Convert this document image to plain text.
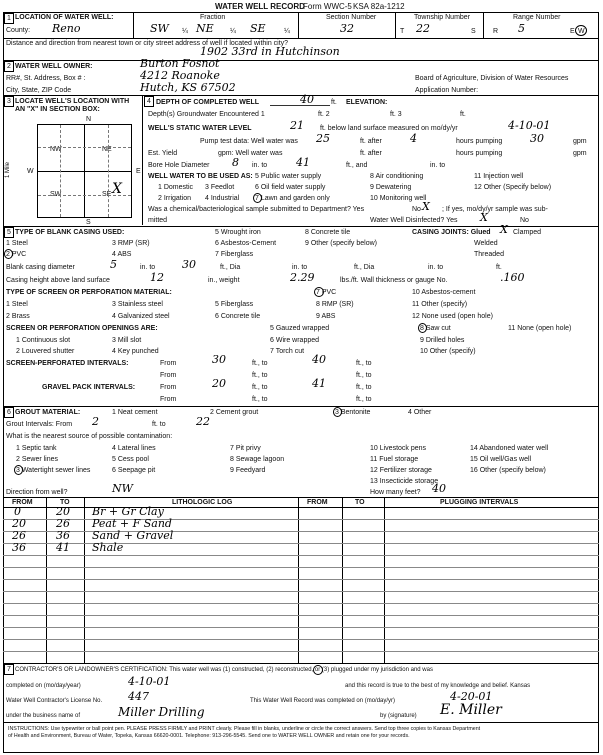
WATER WELL RECORD
Form WWC-5 KSA 82a-1212
1 LOCATION OF WATER WELL:
County: Reno
Fraction
SW ¼ NE ¼ SE	¼
Section Number
32
Township Number
T 22	S
Range Number
R 5	E W
Distance and direction from nearest town or city street address of well if located within city?
1902 33rd in Hutchinson
2 WATER WELL OWNER:	Burton Fosnot
RR#, St. Address, Box # :	4212 Roanoke
City, State, ZIP Code	Hutch, KS 67502
Board of Agriculture, Division of Water Resources
Application Number:
3 LOCATE WELL'S LOCATION WITH
AN "X" IN SECTION BOX:
N
S
W	E
1 Mile
NW	NE
SW	SE X
4 DEPTH OF COMPLETED WELL	40 ft. ELEVATION:
Depth(s) Groundwater Encountered 1	ft. 2	ft. 3	ft.
WELL'S STATIC WATER LEVEL	21 ft. below land surface measured on mo/dy/yr	4-10-01
Pump test data: Well water was 25	ft. after	4	hours pumping	30	gpm
Est. Yield	gpm: Well water was	ft. after	hours pumping	gpm
Bore Hole Diameter 8 in. to	41	ft., and	in. to
WELL WATER TO BE USED AS: 5 Public water supply	8 Air conditioning	11 Injection well
1 Domestic 3 Feedlot	6 Oil field water supply	9 Dewatering	12 Other (Specify below)
2 Irrigation 4 Industrial 7 Lawn and garden only	10 Monitoring well
Was a chemical/bacteriological sample submitted to Department? Yes	No X ; If yes, mo/dy/yr sample was sub-
mitted	Water Well Disinfected? Yes X	No
5 TYPE OF BLANK CASING USED:	5 Wrought iron	8 Concrete tile	CASING JOINTS: Glued X Clamped
1 Steel	3 RMP (SR)	6 Asbestos-Cement	9 Other (specify below)	Welded
2 PVC	4 ABS	7 Fiberglass	Threaded
Blank casing diameter	5	in. to 30	ft., Dia	in. to	ft., Dia	in. to	ft.
Casing height above land surface	12	in., weight	2.29	lbs./ft. Wall thickness or gauge No.	.160
TYPE OF SCREEN OR PERFORATION MATERIAL:	7 PVC	10 Asbestos-cement
1 Steel	3 Stainless steel	5 Fiberglass	8 RMP (SR)	11 Other (specify)
2 Brass	4 Galvanized steel	6 Concrete tile	9 ABS	12 None used (open hole)
SCREEN OR PERFORATION OPENINGS ARE:	5 Gauzed wrapped	8 Saw cut	11 None (open hole)
1 Continuous slot	3 Mill slot	6 Wire wrapped	9 Drilled holes
2 Louvered shutter	4 Key punched	7 Torch cut	10 Other (specify)
SCREEN-PERFORATED INTERVALS:	From	30	ft., to	40	ft., to
From	ft., to	ft., to
GRAVEL PACK INTERVALS:	From	20	ft., to	41	ft., to
From	ft., to	ft., to
6 GROUT MATERIAL:	1 Neat cement	2 Cement grout	3 Bentonite	4 Other
Grout Intervals: From 2	ft. to	22
What is the nearest source of possible contamination:
10 Livestock pens	14 Abandoned water well
1 Septic tank	4 Lateral lines	7 Pit privy
2 Sewer lines	5 Cess pool	8 Sewage lagoon	11 Fuel storage	15 Oil well/Gas well
3 Watertight sewer lines	6 Seepage pit	9 Feedyard	12 Fertilizer storage	16 Other (specify below)
13 Insecticide storage
Direction from well?	NW	How many feet? 40
FROM	TO	LITHOLOGIC LOG	FROM	TO	PLUGGING INTERVALS
0	20 Br + Gr Clay
20	26 Peat + F Sand
26	36 Sand + Gravel
36	41 Shale
7 CONTRACTOR'S OR LANDOWNER'S CERTIFICATION: This water well was (1) constructed, (2) reconstructed, or (3) plugged under my jurisdiction and was
completed on (mo/day/year)	4-10-01	and this record is true to the best of my knowledge and belief. Kansas
Water Well Contractor's License No. 447	This Water Well Record was completed on (mo/day/yr)	4-20-01
under the business name of	Miller Drilling	by (signature) E. Miller
INSTRUCTIONS: Use typewriter or ball point pen. PLEASE PRESS FIRMLY and PRINT clearly. Please fill in blanks, underline or circle the correct answers. Send top three copies to Kansas Department
of Health and Environment, Bureau of Water, Topeka, Kansas 66620-0001. Telephone: 913-296-5545. Send one to WATER WELL OWNER and retain one for your records.
